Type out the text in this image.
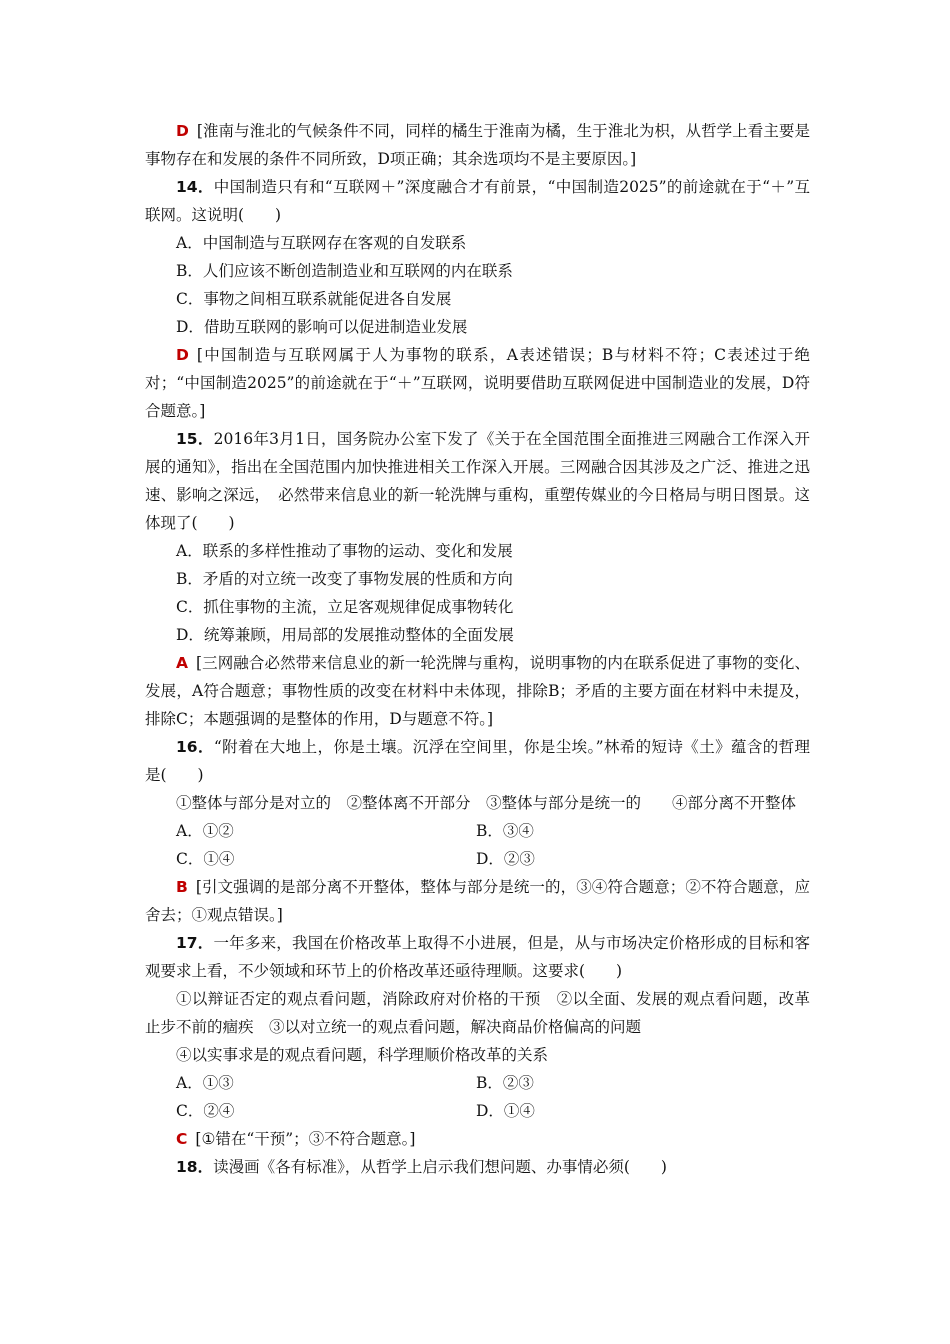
D [淮南与淮北的气候条件不同，同样的橘生于淮南为橘，生于淮北为枳，从哲学上看主要是事物存在和发展的条件不同所致，D项正确；其余选项均不是主要原因。]

14．中国制造只有和“互联网＋”深度融合才有前景，“中国制造2025”的前途就在于“＋”互联网。这说明(　　)

A．中国制造与互联网存在客观的自发联系

B．人们应该不断创造制造业和互联网的内在联系

C．事物之间相互联系就能促进各自发展

D．借助互联网的影响可以促进制造业发展

D [中国制造与互联网属于人为事物的联系，A表述错误；B与材料不符；C表述过于绝对；“中国制造2025”的前途就在于“＋”互联网，说明要借助互联网促进中国制造业的发展，D符合题意。]

15．2016年3月1日，国务院办公室下发了《关于在全国范围全面推进三网融合工作深入开展的通知》，指出在全国范围内加快推进相关工作深入开展。三网融合因其涉及之广泛、推进之迅速、影响之深远，　必然带来信息业的新一轮洗牌与重构，重塑传媒业的今日格局与明日图景。这体现了(　　)

A．联系的多样性推动了事物的运动、变化和发展

B．矛盾的对立统一改变了事物发展的性质和方向

C．抓住事物的主流，立足客观规律促成事物转化

D．统筹兼顾，用局部的发展推动整体的全面发展

A [三网融合必然带来信息业的新一轮洗牌与重构，说明事物的内在联系促进了事物的变化、发展，A符合题意；事物性质的改变在材料中未体现，排除B；矛盾的主要方面在材料中未提及，排除C；本题强调的是整体的作用，D与题意不符。]

16．“附着在大地上，你是土壤。沉浮在空间里，你是尘埃。”林希的短诗《土》蕴含的哲理是(　　)

①整体与部分是对立的　②整体离不开部分　③整体与部分是统一的　　④部分离不开整体

A．①②	B．③④
C．①④	D．②③

B [引文强调的是部分离不开整体，整体与部分是统一的，③④符合题意；②不符合题意，应舍去；①观点错误。]

17．一年多来，我国在价格改革上取得不小进展，但是，从与市场决定价格形成的目标和客观要求上看，不少领域和环节上的价格改革还亟待理顺。这要求(　　)

①以辩证否定的观点看问题，消除政府对价格的干预　②以全面、发展的观点看问题，改革止步不前的痼疾　③以对立统一的观点看问题，解决商品价格偏高的问题

④以实事求是的观点看问题，科学理顺价格改革的关系

A．①③	B．②③
C．②④	D．①④

C [①错在“干预”；③不符合题意。]

18．读漫画《各有标准》，从哲学上启示我们想问题、办事情必须(　　)
